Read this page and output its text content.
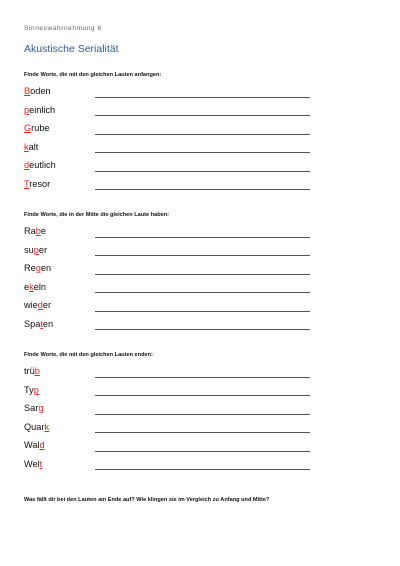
Sinneswahrnehmung 6
Akustische Serialität
Finde Worte, die mit den gleichen Lauten anfangen:
Boden
peinlich
Grube
kalt
deutlich
Tresor
Finde Worte, die in der Mitte die gleichen Laute haben:
Rabe
super
Regen
ekeln
wieder
Spaten
Finde Worte, die mit den gleichen Lauten enden:
trüb
Typ
Sarg
Quark
Wald
Welt
Was fällt dir bei den Lauten am Ende auf? Wie klingen sie im Vergleich zu Anfang und Mitte?
